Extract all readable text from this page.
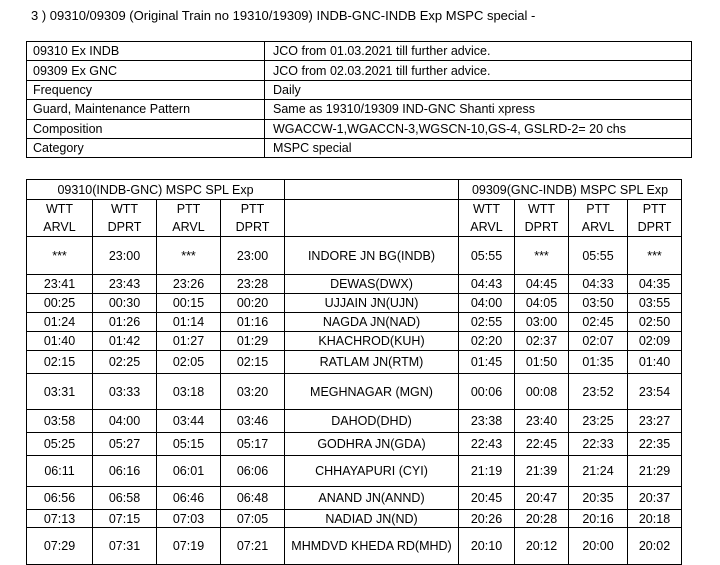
3 ) 09310/09309 (Original Train no 19310/19309) INDB-GNC-INDB Exp MSPC special -
09310 Ex INDB	JCO from 01.03.2021 till further advice.
09309 Ex GNC	JCO from 02.03.2021 till further advice.
Frequency	Daily
Guard, Maintenance Pattern	Same as 19310/19309 IND-GNC Shanti xpress
Composition	WGACCW-1,WGACCN-3,WGSCN-10,GS-4, GSLRD-2= 20 chs
Category	MSPC special
09310(INDB-GNC) MSPC SPL Exp					09309(GNC-INDB) MSPC SPL Exp			
WTT	WTT	PTT	PTT		WTT	WTT	PTT	PTT
ARVL	DPRT	ARVL	DPRT		ARVL	DPRT	ARVL	DPRT
***	23:00	***	23:00	INDORE JN BG(INDB)	05:55	***	05:55	***
23:41	23:43	23:26	23:28	DEWAS(DWX)	04:43	04:45	04:33	04:35
00:25	00:30	00:15	00:20	UJJAIN JN(UJN)	04:00	04:05	03:50	03:55
01:24	01:26	01:14	01:16	NAGDA JN(NAD)	02:55	03:00	02:45	02:50
01:40	01:42	01:27	01:29	KHACHROD(KUH)	02:20	02:37	02:07	02:09
02:15	02:25	02:05	02:15	RATLAM JN(RTM)	01:45	01:50	01:35	01:40
03:31	03:33	03:18	03:20	MEGHNAGAR (MGN)	00:06	00:08	23:52	23:54
03:58	04:00	03:44	03:46	DAHOD(DHD)	23:38	23:40	23:25	23:27
05:25	05:27	05:15	05:17	GODHRA JN(GDA)	22:43	22:45	22:33	22:35
06:11	06:16	06:01	06:06	CHHAYAPURI (CYI)	21:19	21:39	21:24	21:29
06:56	06:58	06:46	06:48	ANAND JN(ANND)	20:45	20:47	20:35	20:37
07:13	07:15	07:03	07:05	NADIAD JN(ND)	20:26	20:28	20:16	20:18
07:29	07:31	07:19	07:21	MHMDVD KHEDA RD(MHD)	20:10	20:12	20:00	20:02
